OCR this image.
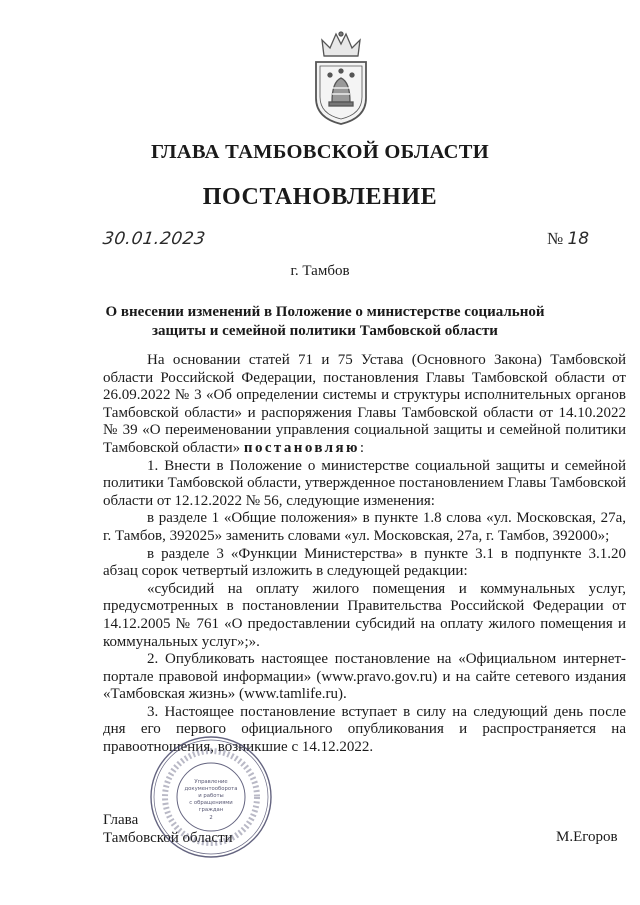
ГЛАВА ТАМБОВСКОЙ ОБЛАСТИ
ПОСТАНОВЛЕНИЕ
30.01.2023	№ 18
г. Тамбов
О внесении изменений в Положение о министерстве социальной защиты и семейной политики Тамбовской области

На основании статей 71 и 75 Устава (Основного Закона) Тамбовской области Российской Федерации, постановления Главы Тамбовской области от 26.09.2022 № 3 «Об определении системы и структуры исполнительных органов Тамбовской области» и распоряжения Главы Тамбовской области от 14.10.2022 № 39 «О переименовании управления социальной защиты и семейной политики Тамбовской области» постановляю:

1. Внести в Положение о министерстве социальной защиты и семейной политики Тамбовской области, утвержденное постановлением Главы Тамбовской области от 12.12.2022 № 56, следующие изменения:

в разделе 1 «Общие положения» в пункте 1.8 слова «ул. Московская, 27а, г. Тамбов, 392025» заменить словами «ул. Московская, 27а, г. Тамбов, 392000»;

в разделе 3 «Функции Министерства» в пункте 3.1 в подпункте 3.1.20 абзац сорок четвертый изложить в следующей редакции:

«субсидий на оплату жилого помещения и коммунальных услуг, предусмотренных в постановлении Правительства Российской Федерации от 14.12.2005 № 761 «О предоставлении субсидий на оплату жилого помещения и коммунальных услуг»;».

2. Опубликовать настоящее постановление на «Официальном интернет-портале правовой информации» (www.pravo.gov.ru) и на сайте сетевого издания «Тамбовская жизнь» (www.tamlife.ru).

3. Настоящее постановление вступает в силу на следующий день после дня его первого официального опубликования и распространяется на правоотношения, возникшие с 14.12.2022.

Глава
Тамбовской области	М.Егоров
Управление
документооборота
и работы
с обращениями
граждан
2
